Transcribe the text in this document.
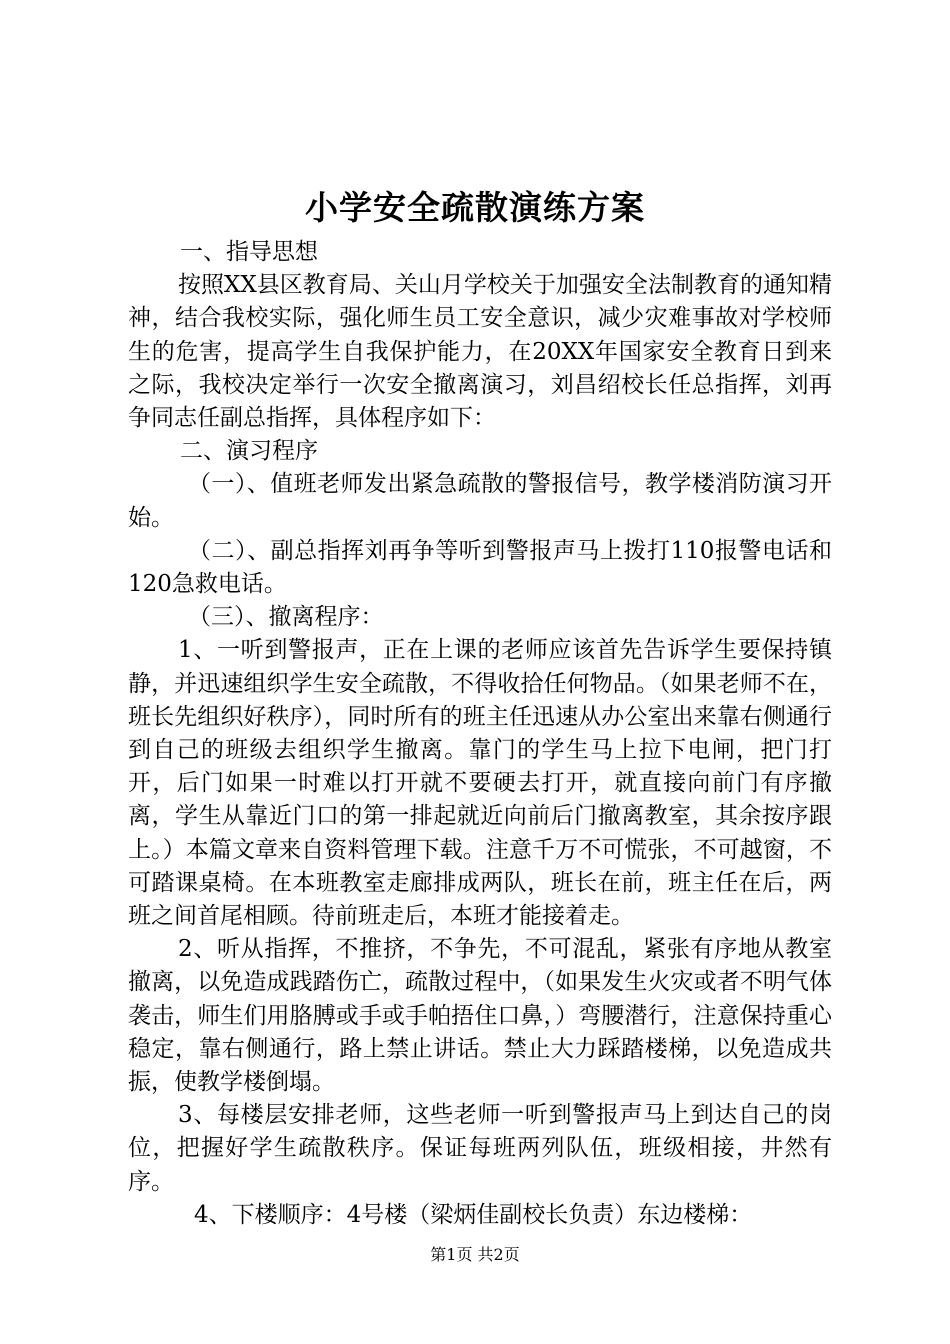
小学安全疏散演练方案

一、指导思想

按照XX县区教育局、关山月学校关于加强安全法制教育的通知精神，结合我校实际，强化师生员工安全意识，减少灾难事故对学校师生的危害，提高学生自我保护能力，在20XX年国家安全教育日到来之际，我校决定举行一次安全撤离演习，刘昌绍校长任总指挥，刘再争同志任副总指挥，具体程序如下：

二、演习程序

（一）、值班老师发出紧急疏散的警报信号，教学楼消防演习开始。

（二）、副总指挥刘再争等听到警报声马上拨打110报警电话和120急救电话。

（三）、撤离程序：

1、一听到警报声，正在上课的老师应该首先告诉学生要保持镇静，并迅速组织学生安全疏散，不得收拾任何物品。（如果老师不在，班长先组织好秩序），同时所有的班主任迅速从办公室出来靠右侧通行到自己的班级去组织学生撤离。靠门的学生马上拉下电闸，把门打开，后门如果一时难以打开就不要硬去打开，就直接向前门有序撤离，学生从靠近门口的第一排起就近向前后门撤离教室，其余按序跟上。）本篇文章来自资料管理下载。注意千万不可慌张，不可越窗，不可踏课桌椅。在本班教室走廊排成两队，班长在前，班主任在后，两班之间首尾相顾。待前班走后，本班才能接着走。

2、听从指挥，不推挤，不争先，不可混乱，紧张有序地从教室撤离，以免造成践踏伤亡，疏散过程中，（如果发生火灾或者不明气体袭击，师生们用胳膊或手或手帕捂住口鼻，）弯腰潜行，注意保持重心稳定，靠右侧通行，路上禁止讲话。禁止大力踩踏楼梯，以免造成共振，使教学楼倒塌。

3、每楼层安排老师，这些老师一听到警报声马上到达自己的岗位，把握好学生疏散秩序。保证每班两列队伍，班级相接，井然有序。

4、下楼顺序：4号楼（梁炳佳副校长负责）东边楼梯：

第1页 共2页
